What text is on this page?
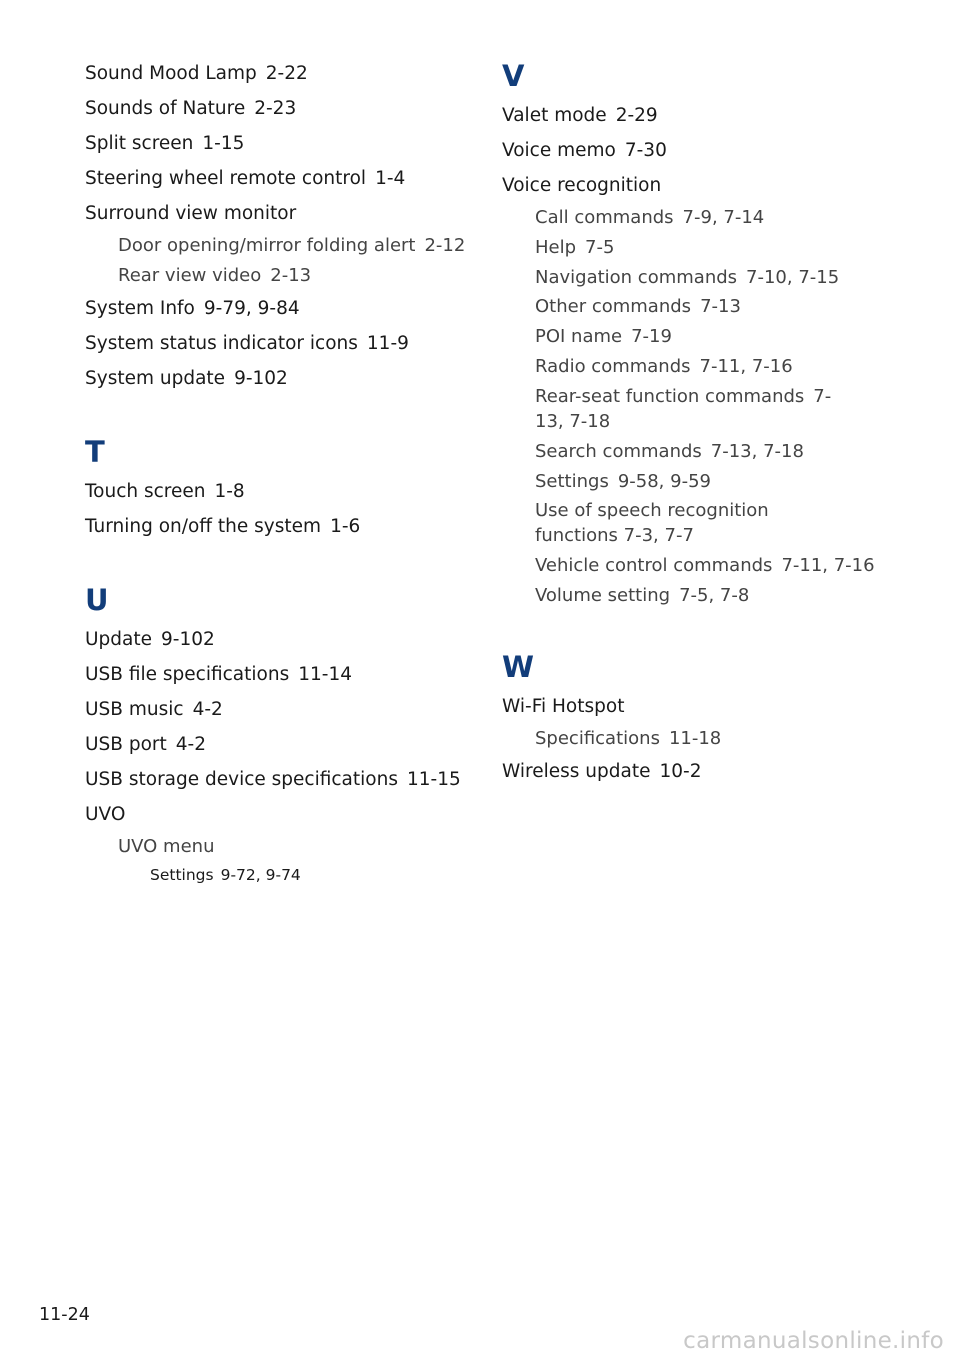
Sound Mood Lamp 2-22
Sounds of Nature 2-23
Split screen 1-15
Steering wheel remote control 1-4
Surround view monitor
Door opening/mirror folding alert 2-12
Rear view video 2-13
System Info 9-79, 9-84
System status indicator icons 11-9
System update 9-102
T
Touch screen 1-8
Turning on/off the system 1-6
U
Update 9-102
USB file specifications 11-14
USB music 4-2
USB port 4-2
USB storage device specifications 11-15
UVO
UVO menu
Settings 9-72, 9-74
V
Valet mode 2-29
Voice memo 7-30
Voice recognition
Call commands 7-9, 7-14
Help 7-5
Navigation commands 7-10, 7-15
Other commands 7-13
POI name 7-19
Radio commands 7-11, 7-16
Rear-seat function commands 7-13, 7-18
Search commands 7-13, 7-18
Settings 9-58, 9-59
Use of speech recognition functions 7-3, 7-7
Vehicle control commands 7-11, 7-16
Volume setting 7-5, 7-8
W
Wi-Fi Hotspot
Specifications 11-18
Wireless update 10-2
11-24
carmanualsonline.info
